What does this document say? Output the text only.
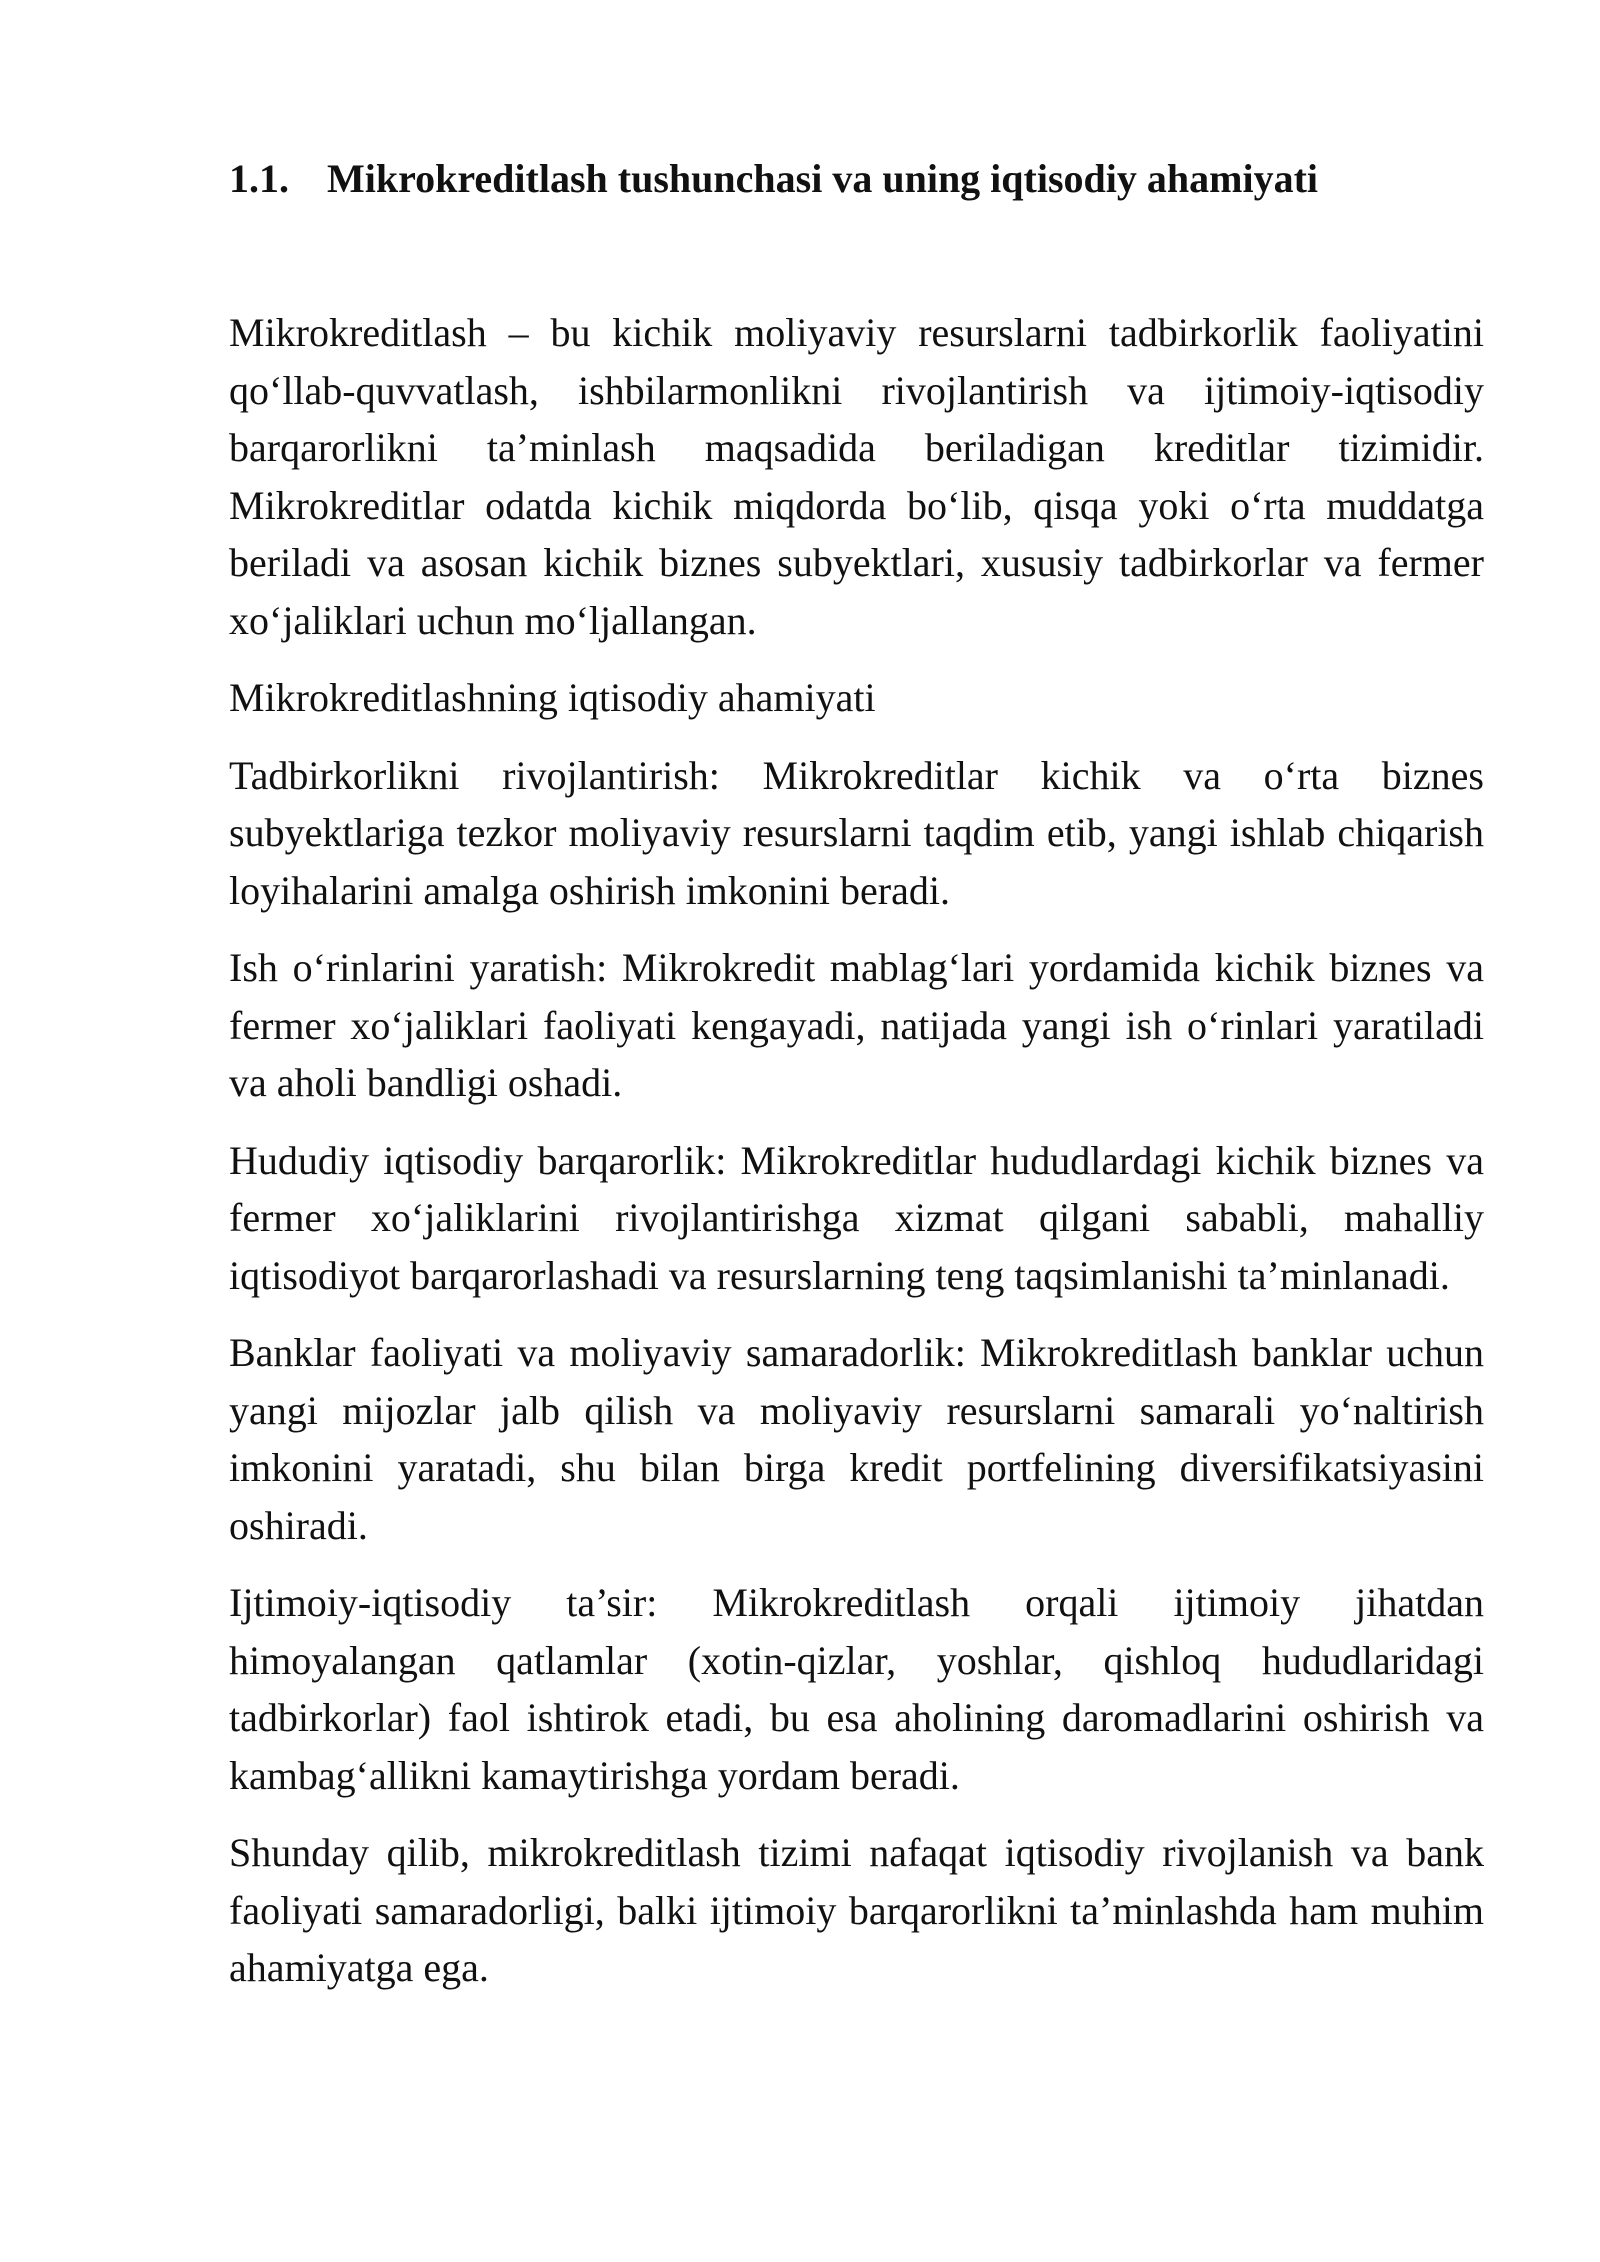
1.1. Mikrokreditlash tushunchasi va uning iqtisodiy ahamiyati

Mikrokreditlash – bu kichik moliyaviy resurslarni tadbirkorlik faoliyatini qo‘llab-quvvatlash, ishbilarmonlikni rivojlantirish va ijtimoiy-iqtisodiy barqarorlikni ta’minlash maqsadida beriladigan kreditlar tizimidir. Mikrokreditlar odatda kichik miqdorda bo‘lib, qisqa yoki o‘rta muddatga beriladi va asosan kichik biznes subyektlari, xususiy tadbirkorlar va fermer xo‘jaliklari uchun mo‘ljallangan.

Mikrokreditlashning iqtisodiy ahamiyati

Tadbirkorlikni rivojlantirish: Mikrokreditlar kichik va o‘rta biznes subyektlariga tezkor moliyaviy resurslarni taqdim etib, yangi ishlab chiqarish loyihalarini amalga oshirish imkonini beradi.

Ish o‘rinlarini yaratish: Mikrokredit mablag‘lari yordamida kichik biznes va fermer xo‘jaliklari faoliyati kengayadi, natijada yangi ish o‘rinlari yaratiladi va aholi bandligi oshadi.

Hududiy iqtisodiy barqarorlik: Mikrokreditlar hududlardagi kichik biznes va fermer xo‘jaliklarini rivojlantirishga xizmat qilgani sababli, mahalliy iqtisodiyot barqarorlashadi va resurslarning teng taqsimlanishi ta’minlanadi.

Banklar faoliyati va moliyaviy samaradorlik: Mikrokreditlash banklar uchun yangi mijozlar jalb qilish va moliyaviy resurslarni samarali yo‘naltirish imkonini yaratadi, shu bilan birga kredit portfelining diversifikatsiyasini oshiradi.

Ijtimoiy-iqtisodiy ta’sir: Mikrokreditlash orqali ijtimoiy jihatdan himoyalangan qatlamlar (xotin-qizlar, yoshlar, qishloq hududlaridagi tadbirkorlar) faol ishtirok etadi, bu esa aholining daromadlarini oshirish va kambag‘allikni kamaytirishga yordam beradi.

Shunday qilib, mikrokreditlash tizimi nafaqat iqtisodiy rivojlanish va bank faoliyati samaradorligi, balki ijtimoiy barqarorlikni ta’minlashda ham muhim ahamiyatga ega.
